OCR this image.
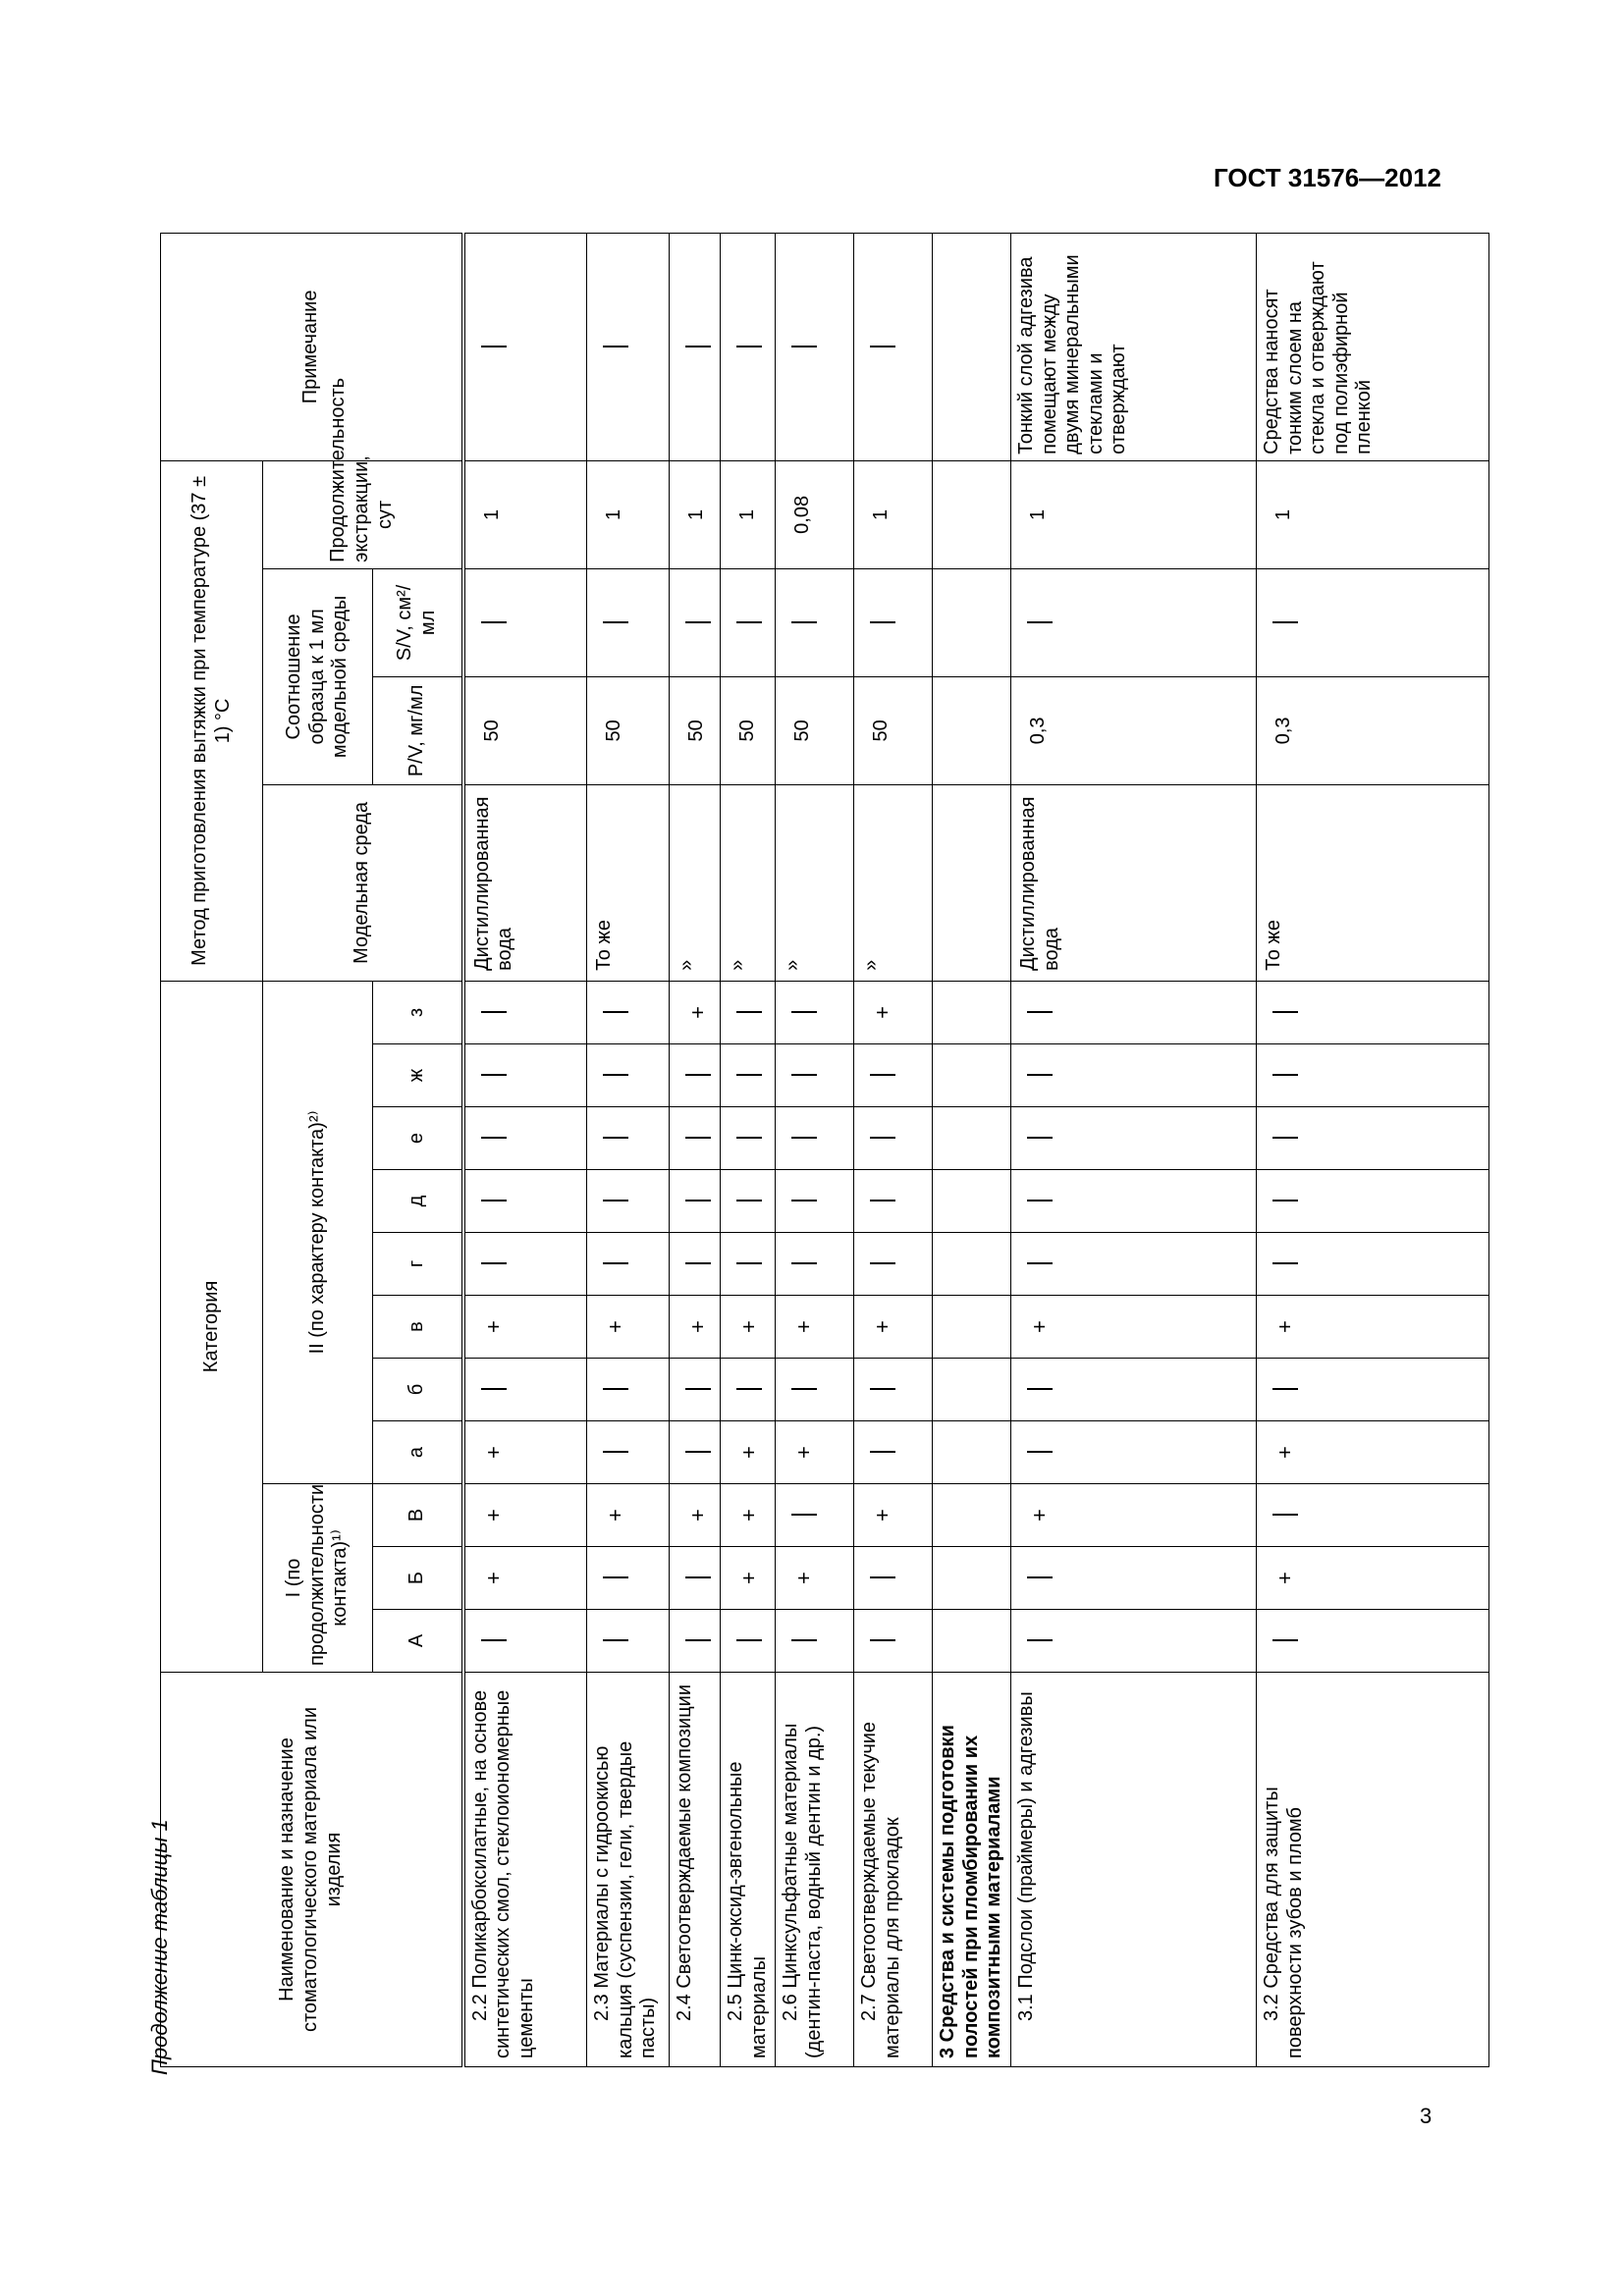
ГОСТ 31576—2012
Продолжение таблицы 1
3
Наименование и назначение стоматологического материала или изделия	Категория											Метод приготовления вытяжки при температуре (37 ± 1) °С				Примечание
	I (по продолжительности контакта)¹⁾			II (по характеру контакта)²⁾								Модельная среда	Соотношение образца к 1 мл модельной среды		Продолжительность экстракции, сут	
	А	Б	В	а	б	в	г	д	е	ж	з		P/V, мг/мл	S/V, см²/мл		
2.2 Поликарбоксилатные, на основе синтетических смол, стеклоиономерные цементы		+	+	+		+						Дистиллированная вода	50		1	
2.3 Материалы с гидроокисью кальция (суспензии, гели, твердые пасты)			+			+						То же	50		1	
2.4 Светоотверждаемые композиции			+			+					+	»	50		1	
2.5 Цинк-оксид-эвгенольные материалы		+	+	+		+						»	50		1	
2.6 Цинксульфатные материалы (дентин-паста, водный дентин и др.)		+		+		+						»	50		0,08	
2.7 Светоотверждаемые текучие материалы для прокладок			+			+					+	»	50		1	
3 Средства и системы подготовки полостей при пломбировании их композитными материалами																
3.1 Подслои (праймеры) и адгезивы			+			+						Дистиллированная вода	0,3		1	Тонкий слой адгезива помещают между двумя минеральными стеклами и отверждают
3.2 Средства для защиты поверхности зубов и пломб		+		+		+						То же	0,3		1	Средства наносят тонким слоем на стекла и отверждают под полиэфирной пленкой
